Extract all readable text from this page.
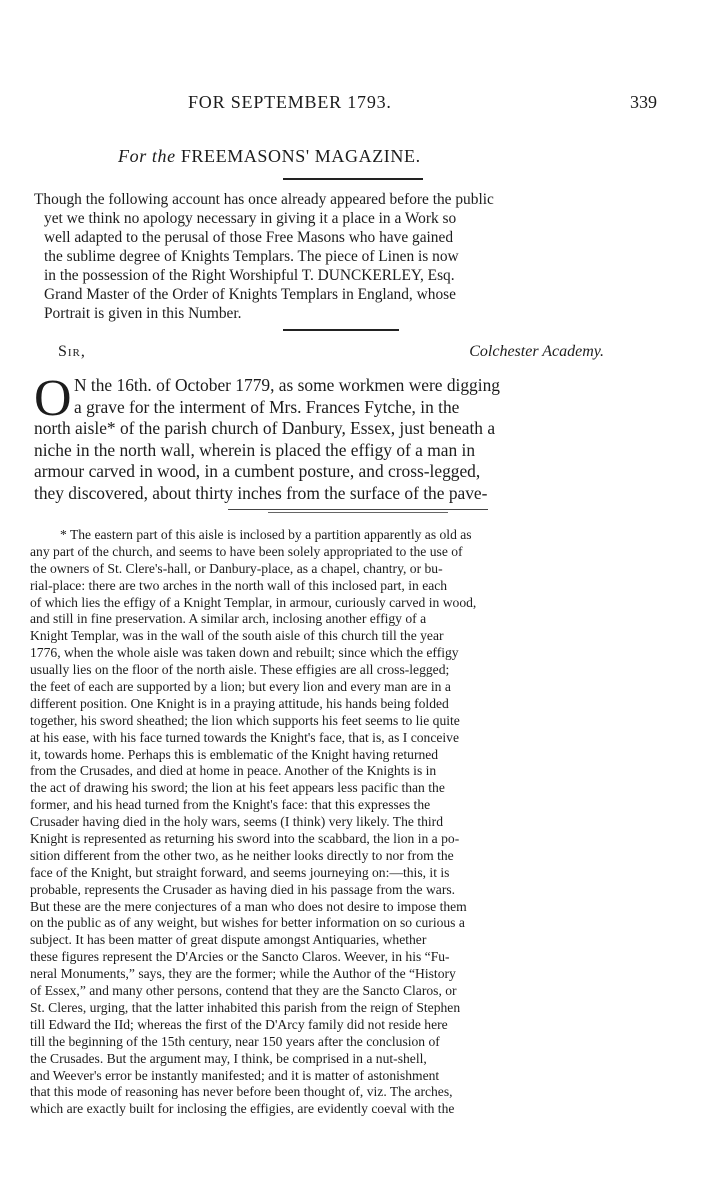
FOR SEPTEMBER 1793.	339
For the FREEMASONS' MAGAZINE.
Though the following account has once already appeared before the public
yet we think no apology necessary in giving it a place in a Work so
well adapted to the perusal of those Free Masons who have gained
the sublime degree of Knights Templars. The piece of Linen is now
in the possession of the Right Worshipful T. DUNCKERLEY, Esq.
Grand Master of the Order of Knights Templars in England, whose
Portrait is given in this Number.
Sir,	Colchester Academy.
O N the 16th. of October 1779, as some workmen were digging
a grave for the interment of Mrs. Frances Fytche, in the
north aisle* of the parish church of Danbury, Essex, just beneath a
niche in the north wall, wherein is placed the effigy of a man in
armour carved in wood, in a cumbent posture, and cross-legged,
they discovered, about thirty inches from the surface of the pave-
* The eastern part of this aisle is inclosed by a partition apparently as old as
any part of the church, and seems to have been solely appropriated to the use of
the owners of St. Clere's-hall, or Danbury-place, as a chapel, chantry, or bu-
rial-place: there are two arches in the north wall of this inclosed part, in each
of which lies the effigy of a Knight Templar, in armour, curiously carved in wood,
and still in fine preservation. A similar arch, inclosing another effigy of a
Knight Templar, was in the wall of the south aisle of this church till the year
1776, when the whole aisle was taken down and rebuilt; since which the effigy
usually lies on the floor of the north aisle. These effigies are all cross-legged;
the feet of each are supported by a lion; but every lion and every man are in a
different position. One Knight is in a praying attitude, his hands being folded
together, his sword sheathed; the lion which supports his feet seems to lie quite
at his ease, with his face turned towards the Knight's face, that is, as I conceive
it, towards home. Perhaps this is emblematic of the Knight having returned
from the Crusades, and died at home in peace. Another of the Knights is in
the act of drawing his sword; the lion at his feet appears less pacific than the
former, and his head turned from the Knight's face: that this expresses the
Crusader having died in the holy wars, seems (I think) very likely. The third
Knight is represented as returning his sword into the scabbard, the lion in a po-
sition different from the other two, as he neither looks directly to nor from the
face of the Knight, but straight forward, and seems journeying on:—this, it is
probable, represents the Crusader as having died in his passage from the wars.
But these are the mere conjectures of a man who does not desire to impose them
on the public as of any weight, but wishes for better information on so curious a
subject. It has been matter of great dispute amongst Antiquaries, whether
these figures represent the D'Arcies or the Sancto Claros. Weever, in his “Fu-
neral Monuments,” says, they are the former; while the Author of the “History
of Essex,” and many other persons, contend that they are the Sancto Claros, or
St. Cleres, urging, that the latter inhabited this parish from the reign of Stephen
till Edward the IId; whereas the first of the D'Arcy family did not reside here
till the beginning of the 15th century, near 150 years after the conclusion of
the Crusades. But the argument may, I think, be comprised in a nut-shell,
and Weever's error be instantly manifested; and it is matter of astonishment
that this mode of reasoning has never before been thought of, viz. The arches,
which are exactly built for inclosing the effigies, are evidently coeval with the
